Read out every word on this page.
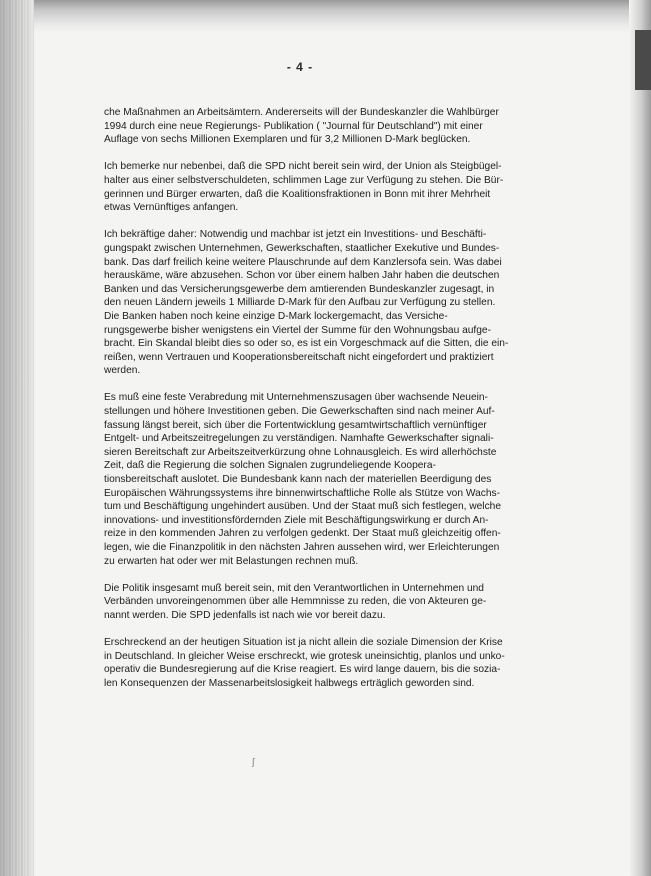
- 4 -

che Maßnahmen an Arbeitsämtern. Andererseits will der Bundeskanzler die Wahlbürger
1994 durch eine neue Regierungs- Publikation ( "Journal für Deutschland") mit einer
Auflage von sechs Millionen Exemplaren und für 3,2 Millionen D-Mark beglücken.

Ich bemerke nur nebenbei, daß die SPD nicht bereit sein wird, der Union als Steigbügel-
halter aus einer selbstverschuldeten, schlimmen Lage zur Verfügung zu stehen. Die Bür-
gerinnen und Bürger erwarten, daß die Koalitionsfraktionen in Bonn mit ihrer Mehrheit
etwas Vernünftiges anfangen.

Ich bekräftige daher: Notwendig und machbar ist jetzt ein Investitions- und Beschäfti-
gungspakt zwischen Unternehmen, Gewerkschaften, staatlicher Exekutive und Bundes-
bank. Das darf freilich keine weitere Plauschrunde auf dem Kanzlersofa sein. Was dabei
herauskäme, wäre abzusehen. Schon vor über einem halben Jahr haben die deutschen
Banken und das Versicherungsgewerbe dem amtierenden Bundeskanzler zugesagt, in
den neuen Ländern jeweils 1 Milliarde D-Mark für den Aufbau zur Verfügung zu stellen.
Die Banken haben noch keine einzige D-Mark lockergemacht, das Versiche-
rungsgewerbe bisher wenigstens ein Viertel der Summe für den Wohnungsbau aufge-
bracht. Ein Skandal bleibt dies so oder so, es ist ein Vorgeschmack auf die Sitten, die ein-
reißen, wenn Vertrauen und Kooperationsbereitschaft nicht eingefordert und praktiziert
werden.

Es muß eine feste Verabredung mit Unternehmenszusagen über wachsende Neuein-
stellungen und höhere Investitionen geben. Die Gewerkschaften sind nach meiner Auf-
fassung längst bereit, sich über die Fortentwicklung gesamtwirtschaftlich vernünftiger
Entgelt- und Arbeitszeitregelungen zu verständigen. Namhafte Gewerkschafter signali-
sieren Bereitschaft zur Arbeitszeitverkürzung ohne Lohnausgleich. Es wird allerhöchste
Zeit, daß die Regierung die solchen Signalen zugrundeliegende Koopera-
tionsbereitschaft auslotet. Die Bundesbank kann nach der materiellen Beerdigung des
Europäischen Währungssystems ihre binnenwirtschaftliche Rolle als Stütze von Wachs-
tum und Beschäftigung ungehindert ausüben. Und der Staat muß sich festlegen, welche
innovations- und investitionsfördernden Ziele mit Beschäftigungswirkung er durch An-
reize in den kommenden Jahren zu verfolgen gedenkt. Der Staat muß gleichzeitig offen-
legen, wie die Finanzpolitik in den nächsten Jahren aussehen wird, wer Erleichterungen
zu erwarten hat oder wer mit Belastungen rechnen muß.

Die Politik insgesamt muß bereit sein, mit den Verantwortlichen in Unternehmen und
Verbänden unvoreingenommen über alle Hemmnisse zu reden, die von Akteuren ge-
nannt werden. Die SPD jedenfalls ist nach wie vor bereit dazu.

Erschreckend an der heutigen Situation ist ja nicht allein die soziale Dimension der Krise
in Deutschland. In gleicher Weise erschreckt, wie grotesk uneinsichtig, planlos und unko-
operativ die Bundesregierung auf die Krise reagiert. Es wird lange dauern, bis die sozia-
len Konsequenzen der Massenarbeitslosigkeit halbwegs erträglich geworden sind.

ʃ
